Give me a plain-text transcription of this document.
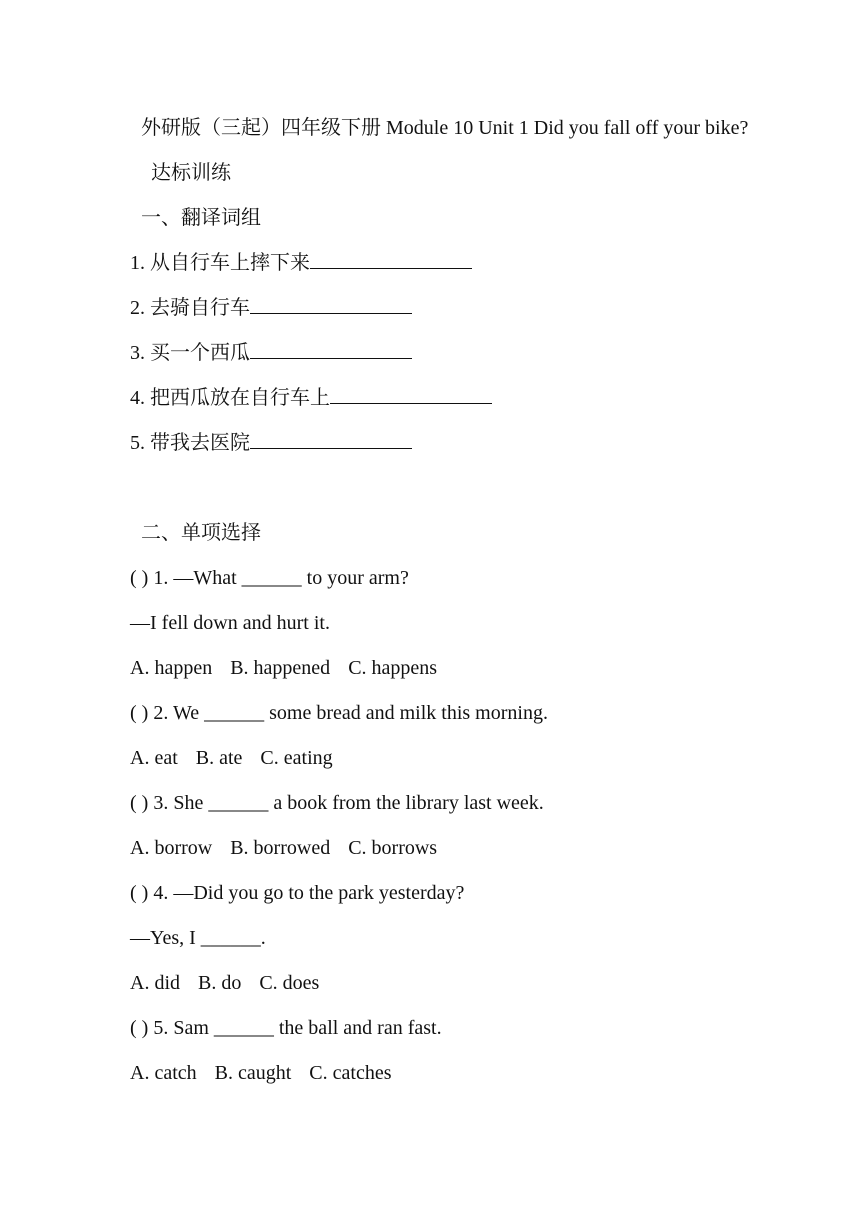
外研版（三起）四年级下册 Module 10 Unit 1 Did you fall off your bike?
达标训练
一、翻译词组
1. 从自行车上摔下来
2. 去骑自行车
3. 买一个西瓜
4. 把西瓜放在自行车上
5. 带我去医院
二、单项选择
( ) 1. —What ______ to your arm?
—I fell down and hurt it.
A. happen B. happened C. happens
( ) 2. We ______ some bread and milk this morning.
A. eat B. ate C. eating
( ) 3. She ______ a book from the library last week.
A. borrow B. borrowed C. borrows
( ) 4. —Did you go to the park yesterday?
—Yes, I ______.
A. did B. do C. does
( ) 5. Sam ______ the ball and ran fast.
A. catch B. caught C. catches
